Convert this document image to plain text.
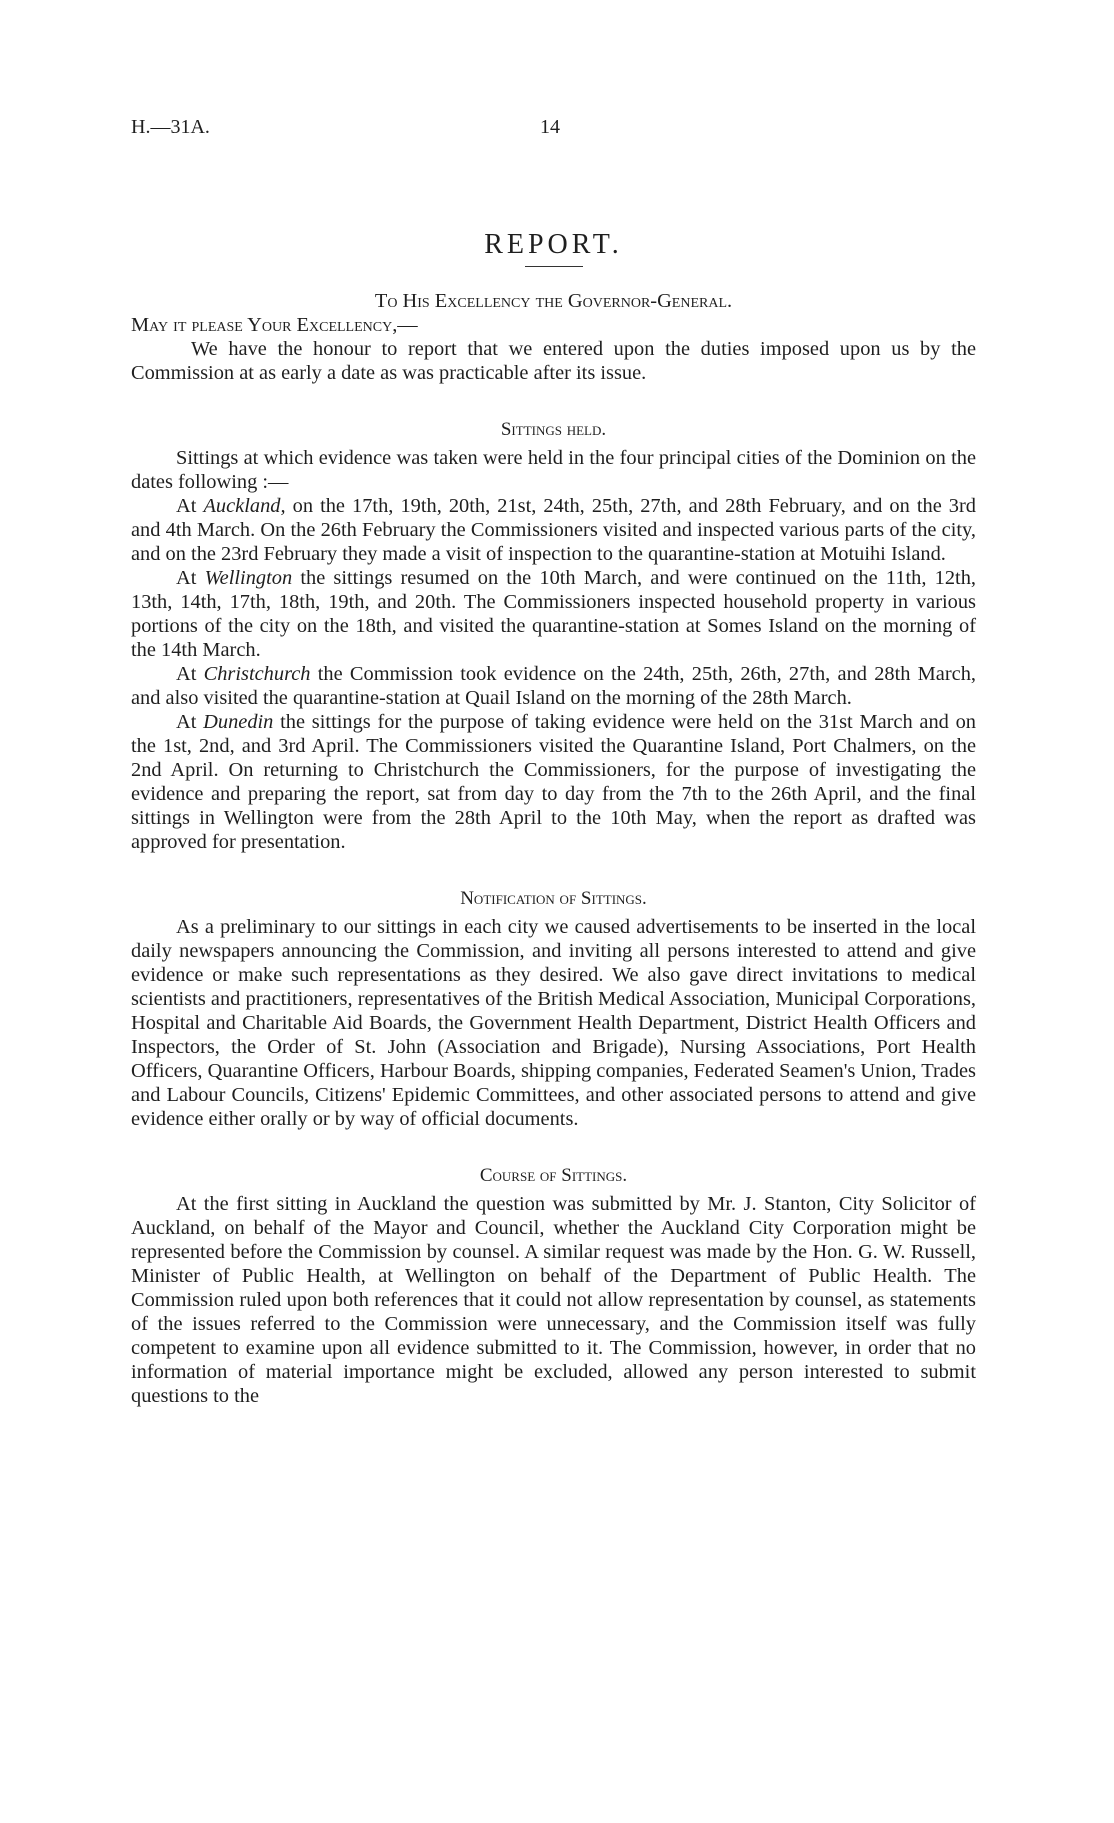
H.—31A.	14
REPORT.
To His Excellency the Governor-General.
May it please Your Excellency,—

We have the honour to report that we entered upon the duties imposed upon us by the Commission at as early a date as was practicable after its issue.

Sittings held.

Sittings at which evidence was taken were held in the four principal cities of the Dominion on the dates following :—

At Auckland, on the 17th, 19th, 20th, 21st, 24th, 25th, 27th, and 28th February, and on the 3rd and 4th March. On the 26th February the Commissioners visited and inspected various parts of the city, and on the 23rd February they made a visit of inspection to the quarantine-station at Motuihi Island.

At Wellington the sittings resumed on the 10th March, and were continued on the 11th, 12th, 13th, 14th, 17th, 18th, 19th, and 20th. The Commissioners inspected household property in various portions of the city on the 18th, and visited the quarantine-station at Somes Island on the morning of the 14th March.

At Christchurch the Commission took evidence on the 24th, 25th, 26th, 27th, and 28th March, and also visited the quarantine-station at Quail Island on the morning of the 28th March.

At Dunedin the sittings for the purpose of taking evidence were held on the 31st March and on the 1st, 2nd, and 3rd April. The Commissioners visited the Quarantine Island, Port Chalmers, on the 2nd April. On returning to Christchurch the Commissioners, for the purpose of investigating the evidence and preparing the report, sat from day to day from the 7th to the 26th April, and the final sittings in Wellington were from the 28th April to the 10th May, when the report as drafted was approved for presentation.

Notification of Sittings.

As a preliminary to our sittings in each city we caused advertisements to be inserted in the local daily newspapers announcing the Commission, and inviting all persons interested to attend and give evidence or make such representations as they desired. We also gave direct invitations to medical scientists and practitioners, representatives of the British Medical Association, Municipal Corporations, Hospital and Charitable Aid Boards, the Government Health Department, District Health Officers and Inspectors, the Order of St. John (Association and Brigade), Nursing Associations, Port Health Officers, Quarantine Officers, Harbour Boards, shipping companies, Federated Seamen's Union, Trades and Labour Councils, Citizens' Epidemic Committees, and other associated persons to attend and give evidence either orally or by way of official documents.

Course of Sittings.

At the first sitting in Auckland the question was submitted by Mr. J. Stanton, City Solicitor of Auckland, on behalf of the Mayor and Council, whether the Auckland City Corporation might be represented before the Commission by counsel. A similar request was made by the Hon. G. W. Russell, Minister of Public Health, at Wellington on behalf of the Department of Public Health. The Commission ruled upon both references that it could not allow representation by counsel, as statements of the issues referred to the Commission were unnecessary, and the Commission itself was fully competent to examine upon all evidence submitted to it. The Commission, however, in order that no information of material importance might be excluded, allowed any person interested to submit questions to the
